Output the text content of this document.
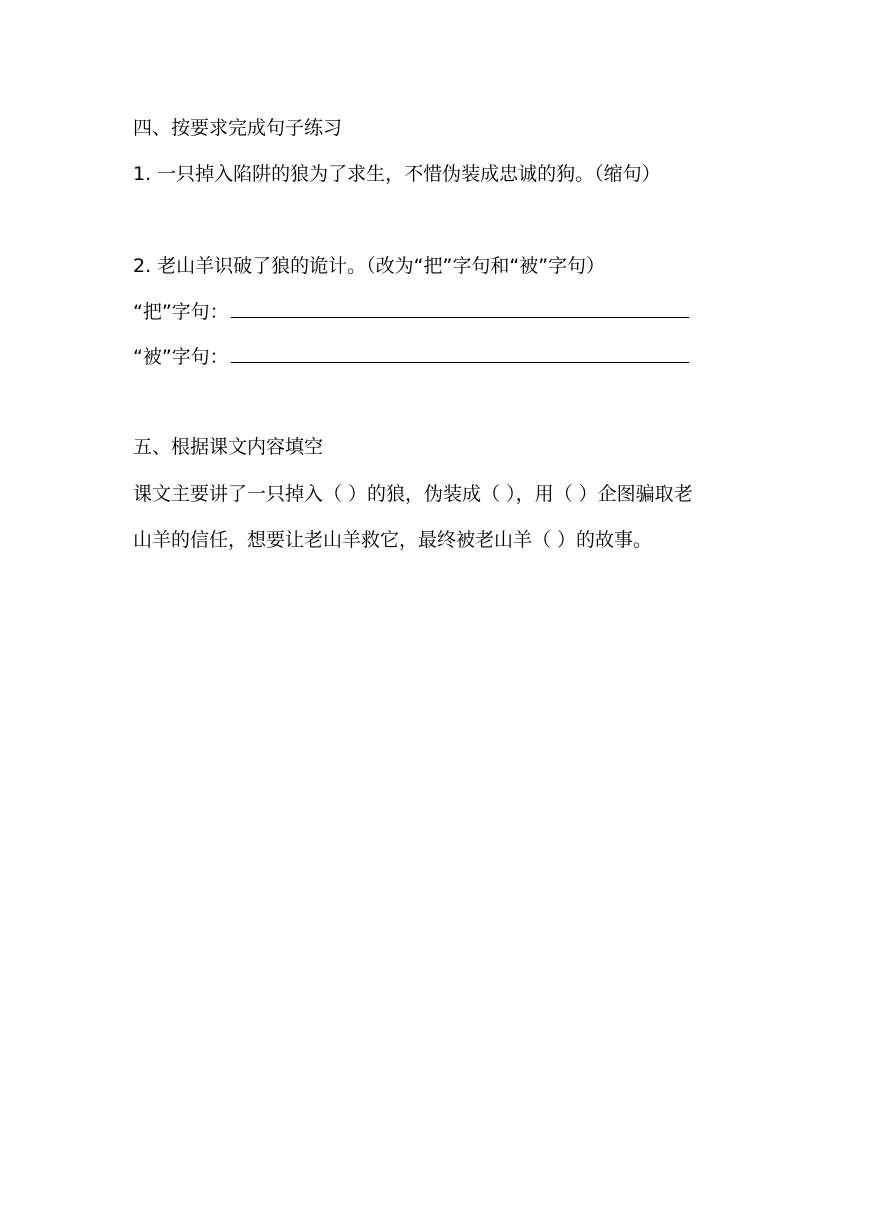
四、按要求完成句子练习
1. 一只掉入陷阱的狼为了求生，不惜伪装成忠诚的狗。（缩句）
2. 老山羊识破了狼的诡计。（改为“把”字句和“被”字句）
“把”字句：
“被”字句：
五、根据课文内容填空
课文主要讲了一只掉入（ ）的狼，伪装成（ ），用（ ）企图骗取老
山羊的信任，想要让老山羊救它，最终被老山羊（ ）的故事。
